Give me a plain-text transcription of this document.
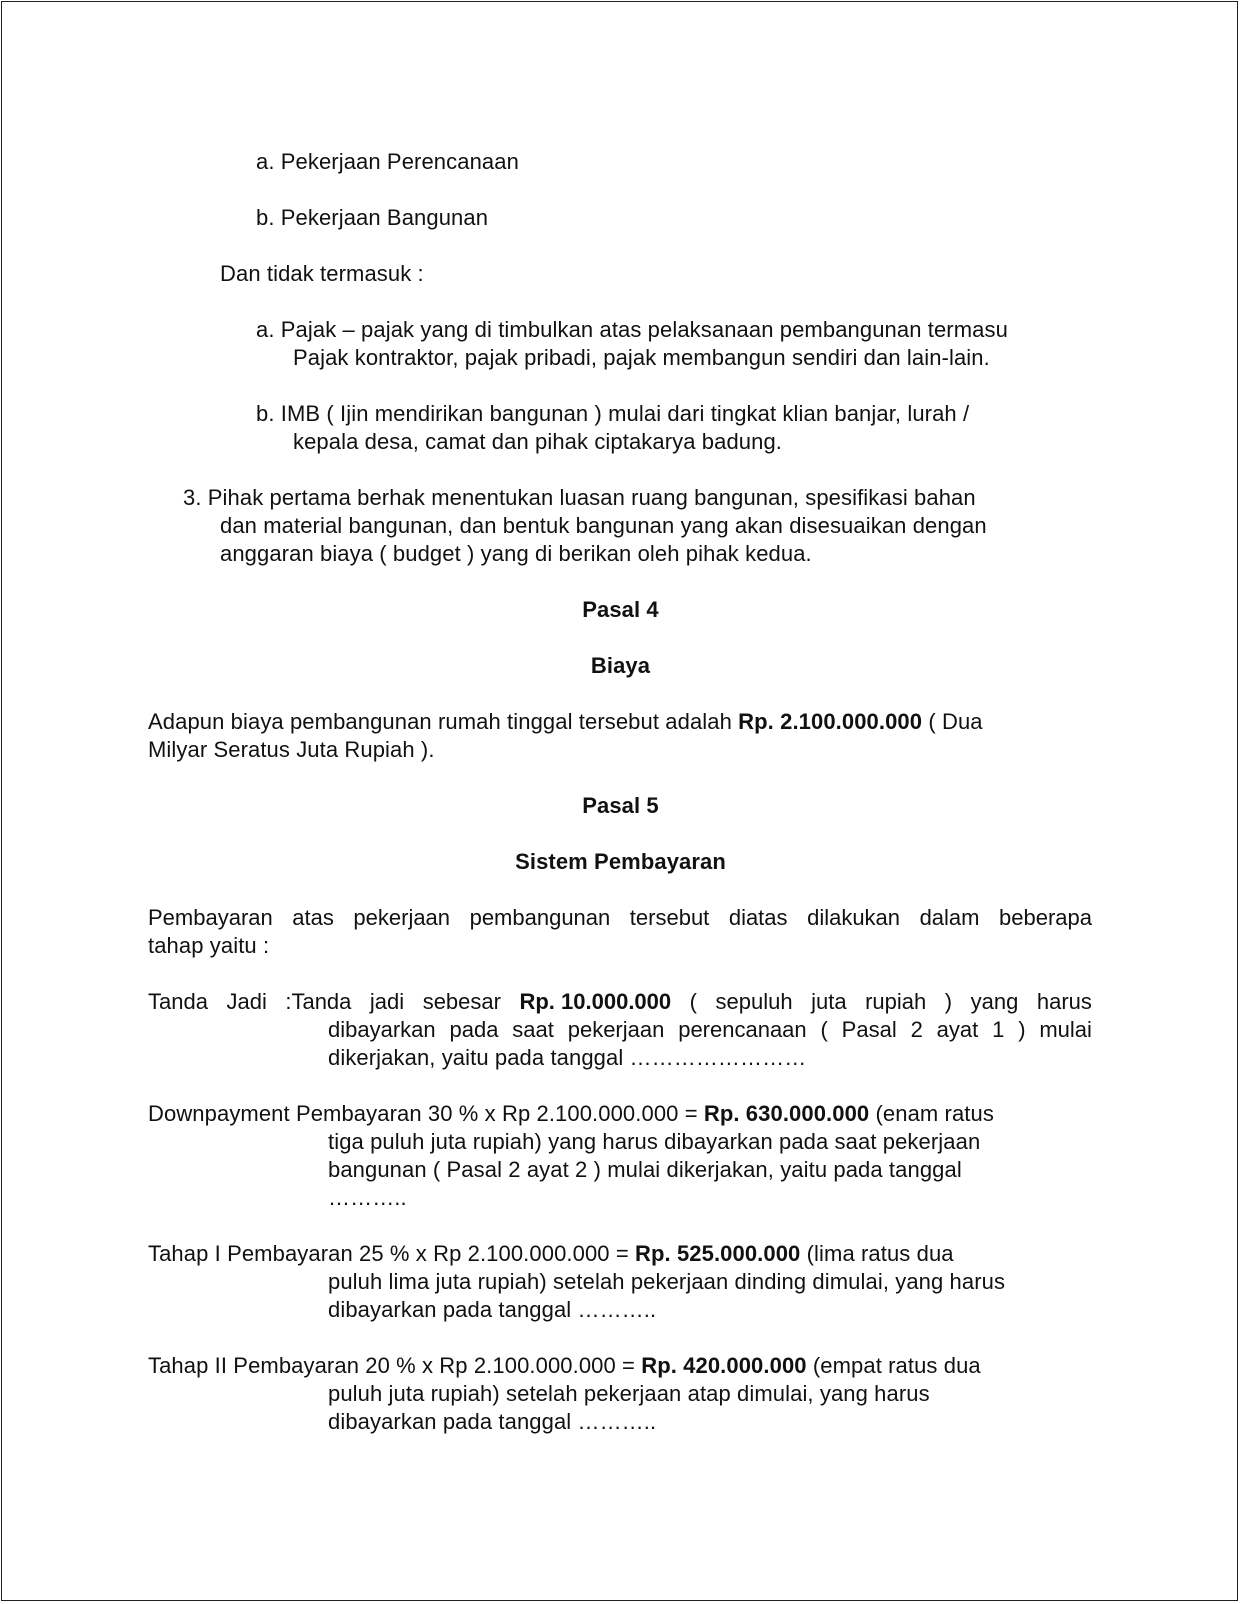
a. Pekerjaan Perencanaan
b. Pekerjaan Bangunan
Dan tidak termasuk :
a. Pajak – pajak yang di timbulkan atas pelaksanaan pembangunan termasu
Pajak kontraktor, pajak pribadi, pajak membangun sendiri dan lain-lain.
b. IMB ( Ijin mendirikan bangunan ) mulai dari tingkat klian banjar, lurah /
kepala desa, camat dan pihak ciptakarya badung.
3. Pihak pertama berhak menentukan luasan ruang bangunan, spesifikasi bahan
dan material bangunan, dan bentuk bangunan yang akan disesuaikan dengan
anggaran biaya ( budget ) yang di berikan oleh pihak kedua.
Pasal 4
Biaya
Adapun biaya pembangunan rumah tinggal tersebut adalah Rp. 2.100.000.000 ( Dua
Milyar Seratus Juta Rupiah ).
Pasal 5
Sistem Pembayaran
Pembayaran atas pekerjaan pembangunan tersebut diatas dilakukan dalam beberapa
tahap yaitu :
Tanda Jadi :Tanda jadi sebesar Rp. 10.000.000 ( sepuluh juta rupiah ) yang harus
dibayarkan pada saat pekerjaan perencanaan ( Pasal 2 ayat 1 ) mulai
dikerjakan, yaitu pada tanggal ……………………
Downpayment Pembayaran 30 % x Rp 2.100.000.000 = Rp. 630.000.000 (enam ratus
tiga puluh juta rupiah) yang harus dibayarkan pada saat pekerjaan
bangunan ( Pasal 2 ayat 2 ) mulai dikerjakan, yaitu pada tanggal
………..
Tahap I Pembayaran 25 % x Rp 2.100.000.000 = Rp. 525.000.000 (lima ratus dua
puluh lima juta rupiah) setelah pekerjaan dinding dimulai, yang harus
dibayarkan pada tanggal ………..
Tahap II Pembayaran 20 % x Rp 2.100.000.000 = Rp. 420.000.000 (empat ratus dua
puluh juta rupiah) setelah pekerjaan atap dimulai, yang harus
dibayarkan pada tanggal ………..
